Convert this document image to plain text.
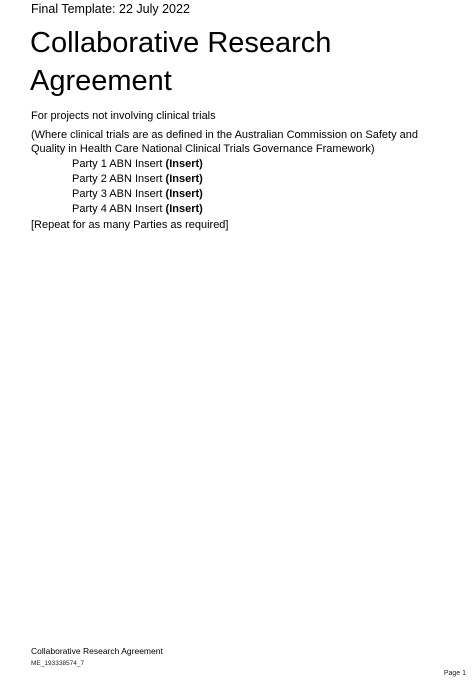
Final Template: 22 July 2022
Collaborative Research Agreement
For projects not involving clinical trials
(Where clinical trials are as defined in the Australian Commission on Safety and Quality in Health Care National Clinical Trials Governance Framework)
Party 1 ABN Insert (Insert)
Party 2 ABN Insert (Insert)
Party 3 ABN Insert (Insert)
Party 4 ABN Insert (Insert)
[Repeat for as many Parties as required]
Collaborative Research Agreement
ME_193338574_7
Page 1
